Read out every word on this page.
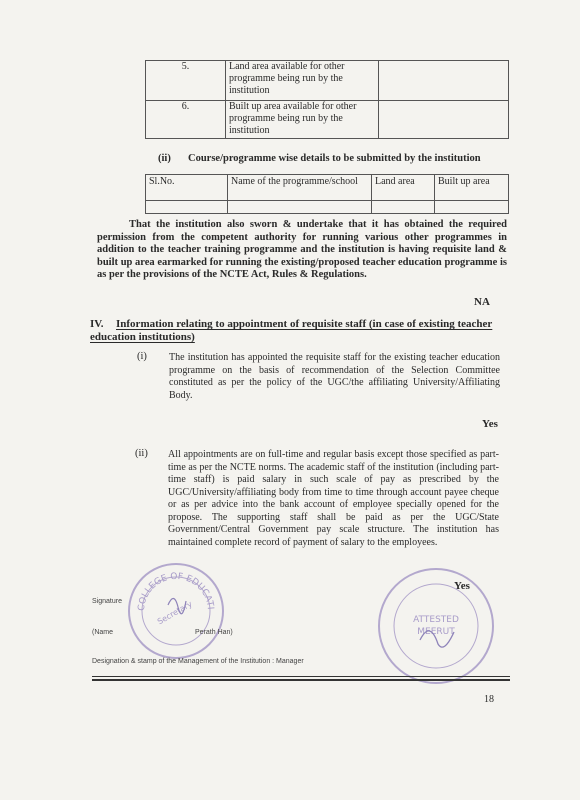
5.	Land area available for other programme being run by the institution	
6.	Built up area available for other programme being run by the institution	
(ii) Course/programme wise details to be submitted by the institution
Sl.No.	Name of the programme/school	Land area	Built up area

That the institution also sworn & undertake that it has obtained the required permission from the competent authority for running various other programmes in addition to the teacher training programme and the institution is having requisite land & built up area earmarked for running the existing/proposed teacher education programme is as per the provisions of the NCTE Act, Rules & Regulations.
NA
IV. Information relating to appointment of requisite staff (in case of existing teacher education institutions)
(i) The institution has appointed the requisite staff for the existing teacher education programme on the basis of recommendation of the Selection Committee constituted as per the policy of the UGC/the affiliating University/Affiliating Body.
Yes
(ii) All appointments are on full-time and regular basis except those specified as part-time as per the NCTE norms. The academic staff of the institution (including part-time staff) is paid salary in such scale of pay as prescribed by the UGC/University/affiliating body from time to time through account payee cheque or as per advice into the bank account of employee specially opened for the propose. The supporting staff shall be paid as per the UGC/State Government/Central Government pay scale structure. The institution has maintained complete record of payment of salary to the employees.
Yes
COLLEGE OF EDUCATI
Secretary	ATTESTED
MEERUT
Signature
(Name	Perath Han)
Designation & stamp of the Management of the Institution : Manager
18
